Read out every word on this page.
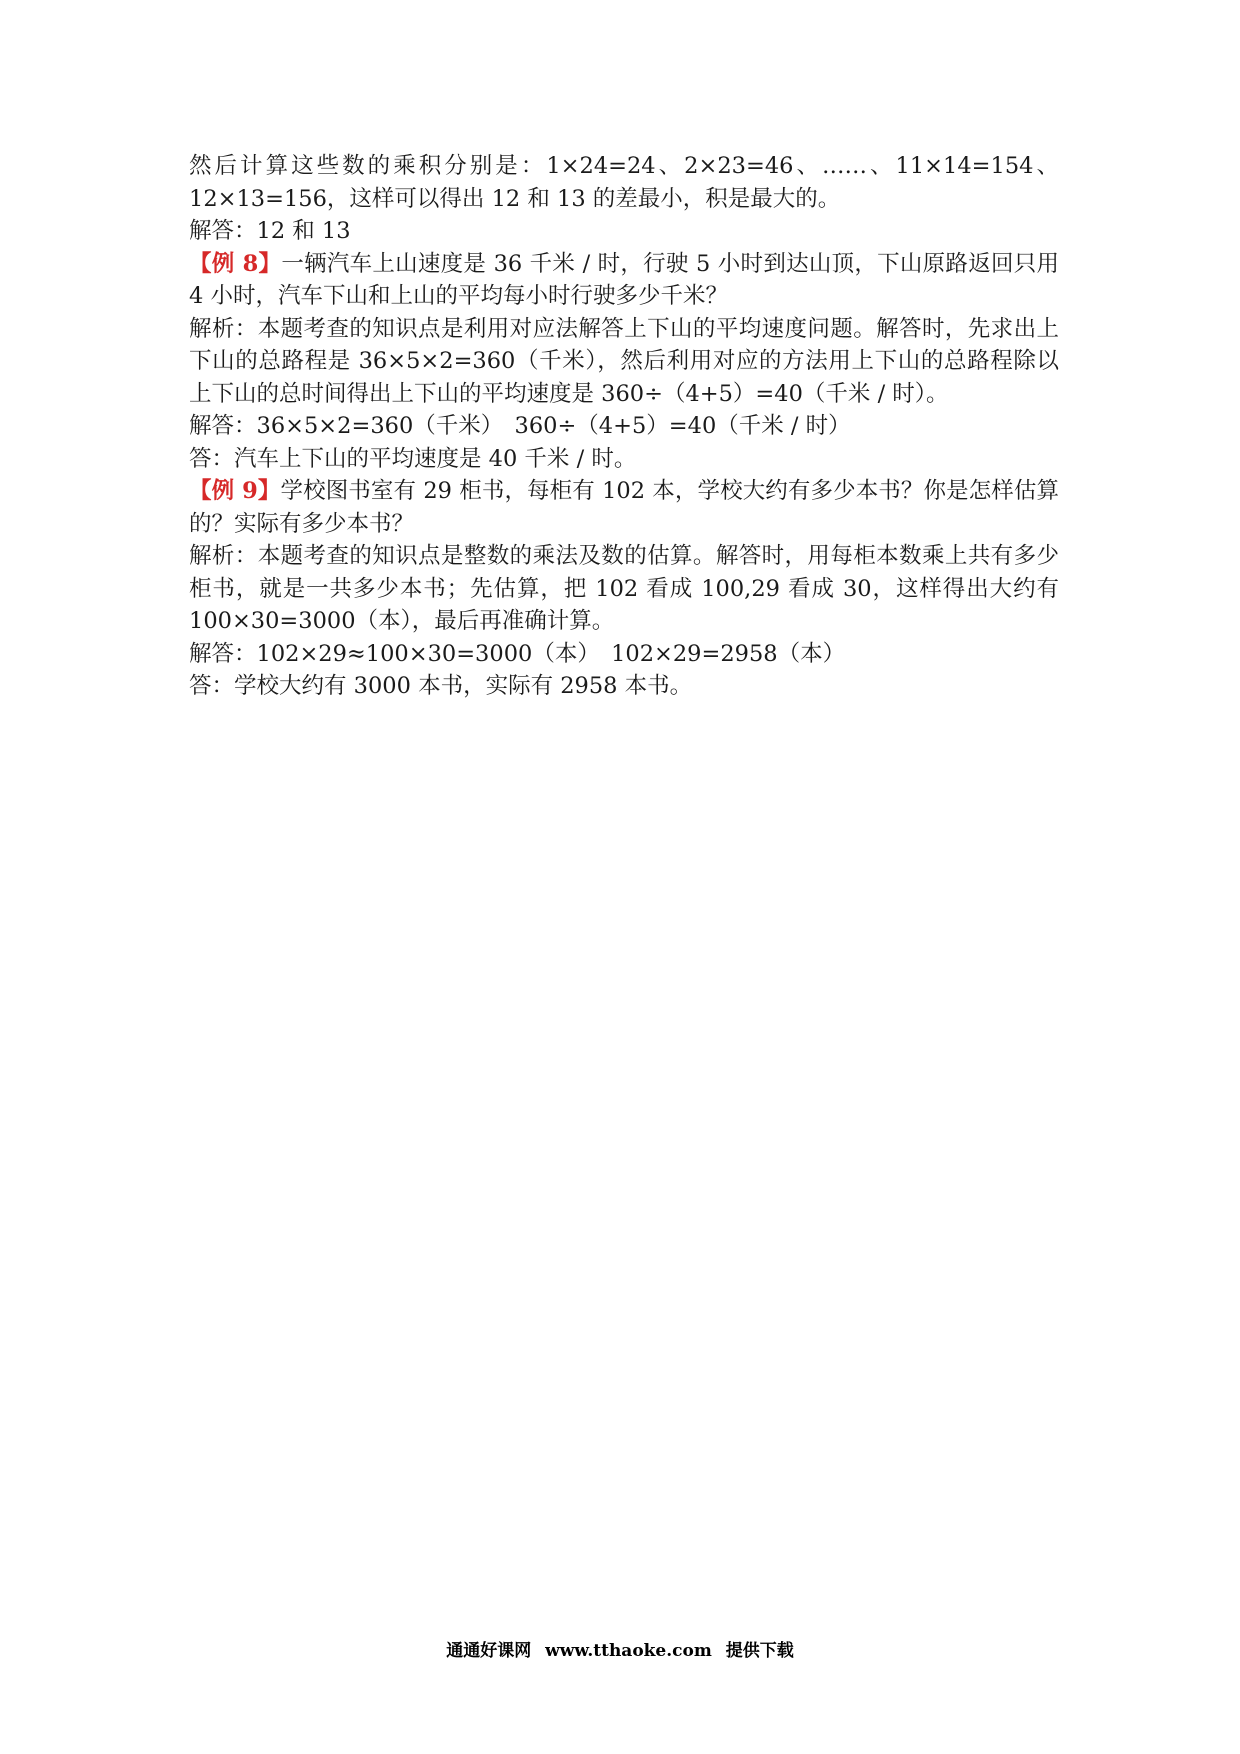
然后计算这些数的乘积分别是：1×24=24、2×23=46、……、11×14=154、12×13=156，这样可以得出 12 和 13 的差最小，积是最大的。
解答：12 和 13
【例 8】一辆汽车上山速度是 36 千米 / 时，行驶 5 小时到达山顶，下山原路返回只用 4 小时，汽车下山和上山的平均每小时行驶多少千米？
解析：本题考查的知识点是利用对应法解答上下山的平均速度问题。解答时，先求出上下山的总路程是 36×5×2=360（千米），然后利用对应的方法用上下山的总路程除以上下山的总时间得出上下山的平均速度是 360÷（4+5）=40（千米 / 时）。
解答：36×5×2=360（千米）　360÷（4+5）=40（千米 / 时）
答：汽车上下山的平均速度是 40 千米 / 时。
【例 9】学校图书室有 29 柜书，每柜有 102 本，学校大约有多少本书？你是怎样估算的？实际有多少本书？
解析：本题考查的知识点是整数的乘法及数的估算。解答时，用每柜本数乘上共有多少柜书，就是一共多少本书；先估算，把 102 看成 100,29 看成 30，这样得出大约有 100×30=3000（本），最后再准确计算。
解答：102×29≈100×30=3000（本）　102×29=2958（本）
答：学校大约有 3000 本书，实际有 2958 本书。
通通好课网 www.tthaoke.com 提供下载
